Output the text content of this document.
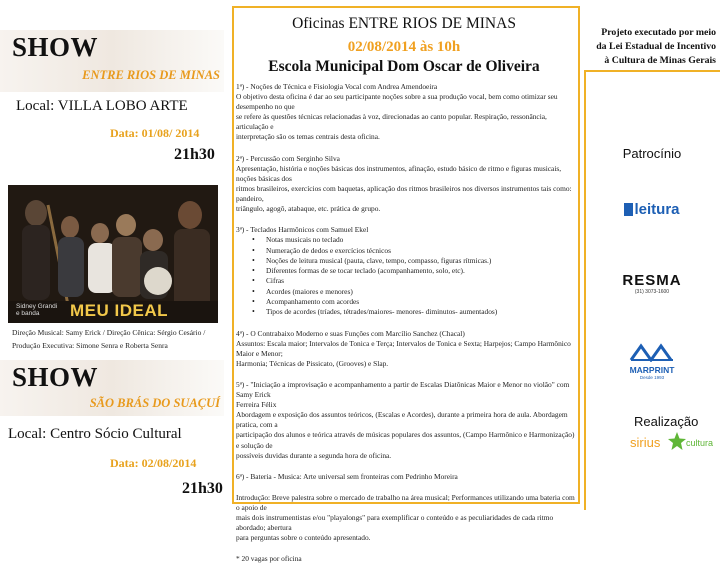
SHOW
ENTRE RIOS DE MINAS
Local: VILLA LOBO ARTE
Data: 01/08/ 2014
21h30
Sidney Grandi
e banda	MEU IDEAL
Direção Musical: Samy Erick / Direção Cênica: Sérgio Cesário /
Produção Executiva: Simone Senra e Roberta Senra
SHOW
SÃO BRÁS DO SUAÇUÍ
Local: Centro Sócio Cultural
Data: 02/08/2014
21h30
Oficinas ENTRE RIOS DE MINAS
02/08/2014 às 10h
Escola Municipal Dom Oscar de Oliveira
1ª) - Noções de Técnica e Fisiologia Vocal com Andrea Amendoeira
O objetivo desta oficina é dar ao seu participante noções sobre a sua produção vocal, bem como otimizar seu desempenho no que
se refere às questões técnicas relacionadas à voz, direcionadas ao canto popular. Respiração, ressonância, articulação e
interpretação são os temas centrais desta oficina.
2ª) - Percussão com Serginho Silva
Apresentação, história e noções básicas dos instrumentos, afinação, estudo básico de ritmo e figuras musicais, noções básicas dos
ritmos brasileiros, exercícios com baquetas, aplicação dos ritmos brasileiros nos diversos instrumentos tais como: pandeiro,
triângulo, agogô, atabaque, etc. prática de grupo.
3ª) - Teclados Harmônicos com Samuel Ekel
• Notas musicais no teclado
• Numeração de dedos e exercícios técnicos
• Noções de leitura musical (pauta, clave, tempo, compasso, figuras rítmicas.)
• Diferentes formas de se tocar teclado (acompanhamento, solo, etc).
• Cifras
• Acordes (maiores e menores)
• Acompanhamento com acordes
• Tipos de acordes (tríades, tétrades/maiores- menores- diminutos- aumentados)
4ª) - O Contrabaixo Moderno e suas Funções com Marcílio Sanchez (Chacal)
Assuntos: Escala maior; Intervalos de Tonica e Terça; Intervalos de Tonica e Sexta; Harpejos; Campo Harmônico Maior e Menor;
Harmonia; Técnicas de Pissicato, (Grooves) e Slap.
5ª) - "Iniciação a improvisação e acompanhamento a partir de Escalas Diatônicas Maior e Menor no violão" com Samy Erick
Ferreira Félix
Abordagem e exposição dos assuntos teóricos, (Escalas e Acordes), durante a primeira hora de aula. Abordagem pratica, com a
participação dos alunos e teórica através de músicas populares dos assuntos, (Campo Harmônico e Harmonização) e solução de
possíveis duvidas durante a segunda hora de oficina.
6ª) - Bateria - Musica: Arte universal sem fronteiras com Pedrinho Moreira
Introdução: Breve palestra sobre o mercado de trabalho na área musical; Performances utilizando uma bateria com o apoio de
mais dois instrumentistas e/ou "playalongs" para exemplificar o conteúdo e as peculiaridades de cada ritmo abordado; abertura
para perguntas sobre o conteúdo apresentado.
* 20 vagas por oficina
Projeto executado por meio
da Lei Estadual de Incentivo
à Cultura de Minas Gerais
Patrocínio
leitura
RESMA
(31) 3073-1600
MARPRINT
Desde 1993
Realização
sirius	cultura
